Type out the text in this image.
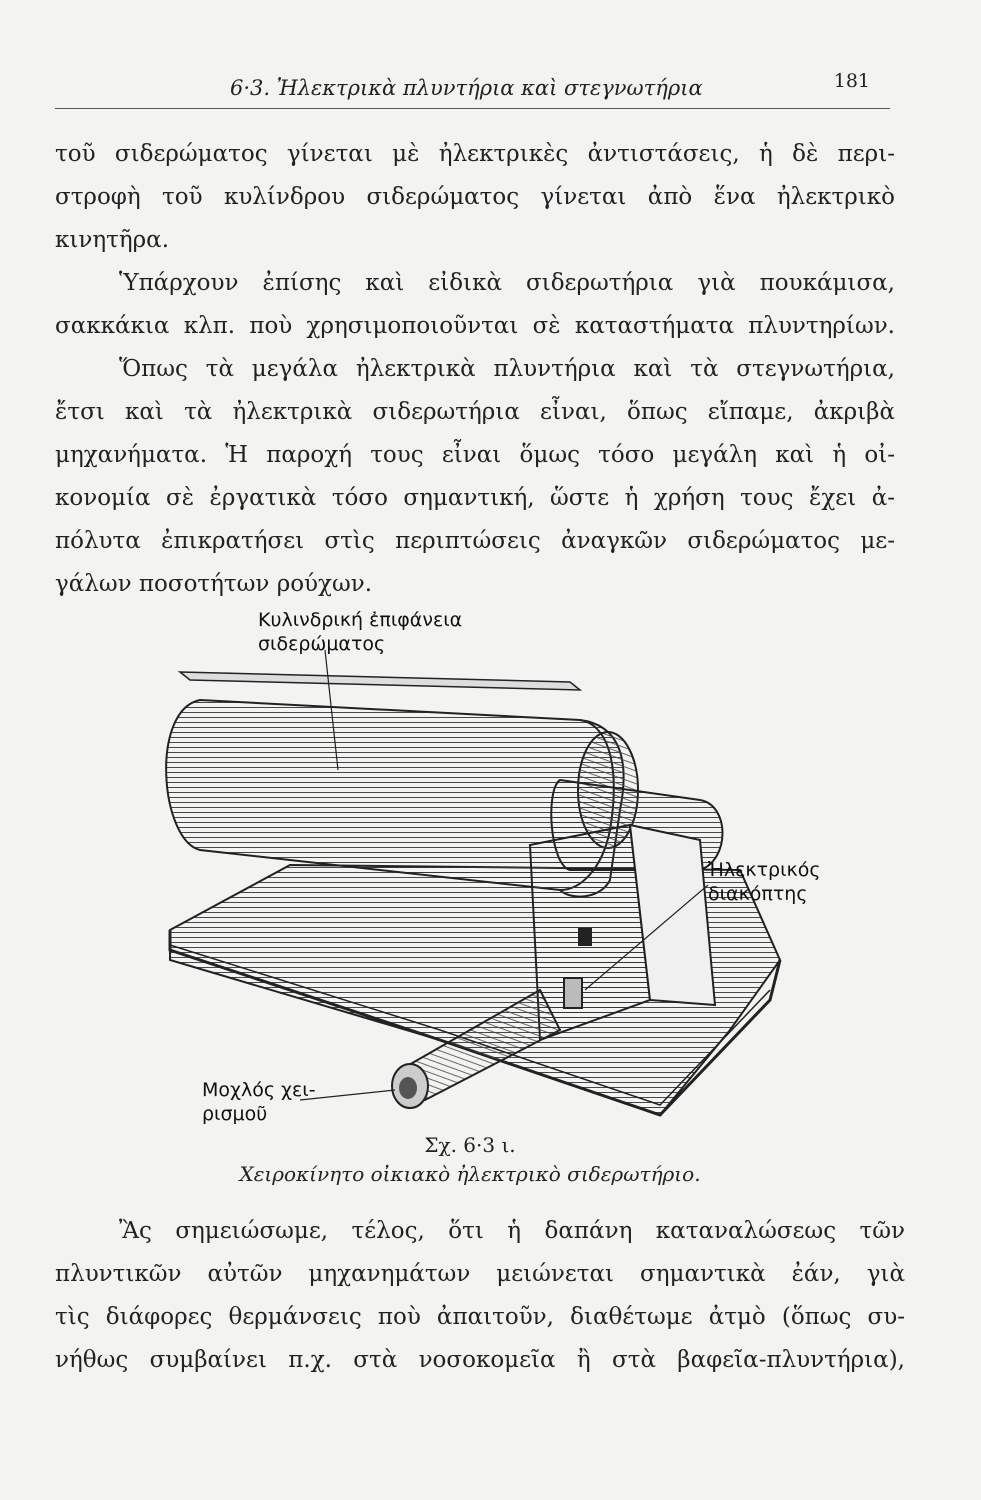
6·3. Ἠλεκτρικὰ πλυντήρια καὶ στεγνωτήρια	181

τοῦ σιδερώματος γίνεται μὲ ἠλεκτρικὲς ἀντιστάσεις, ἡ δὲ περι-
στροφὴ τοῦ κυλίνδρου σιδερώματος γίνεται ἀπὸ ἕνα ἠλεκτρικὸ
κινητῆρα.
Ὑπάρχουν ἐπίσης καὶ εἰδικὰ σιδερωτήρια γιὰ πουκάμισα,
σακκάκια κλπ. ποὺ χρησιμοποιοῦνται σὲ καταστήματα πλυντηρίων.
Ὅπως τὰ μεγάλα ἠλεκτρικὰ πλυντήρια καὶ τὰ στεγνωτήρια,
ἔτσι καὶ τὰ ἠλεκτρικὰ σιδερωτήρια εἶναι, ὅπως εἴπαμε, ἀκριβὰ
μηχανήματα. Ἡ παροχή τους εἶναι ὅμως τόσο μεγάλη καὶ ἡ οἰ-
κονομία σὲ ἐργατικὰ τόσο σημαντική, ὥστε ἡ χρήση τους ἔχει ἀ-
πόλυτα ἐπικρατήσει στὶς περιπτώσεις ἀναγκῶν σιδερώματος με-
γάλων ποσοτήτων ρούχων.

Κυλινδρική ἐπιφάνεια
σιδερώματος
Ἠλεκτρικός
διακόπτης
Μοχλός χει-
ρισμοῦ
Σχ. 6·3 ι.
Χειροκίνητο οἰκιακὸ ἠλεκτρικὸ σιδερωτήριο.

Ἂς σημειώσωμε, τέλος, ὅτι ἡ δαπάνη καταναλώσεως τῶν
πλυντικῶν αὐτῶν μηχανημάτων μειώνεται σημαντικὰ ἐάν, γιὰ
τὶς διάφορες θερμάνσεις ποὺ ἀπαιτοῦν, διαθέτωμε ἀτμὸ (ὅπως συ-
νήθως συμβαίνει π.χ. στὰ νοσοκομεῖα ἢ στὰ βαφεῖα-πλυντήρια),
